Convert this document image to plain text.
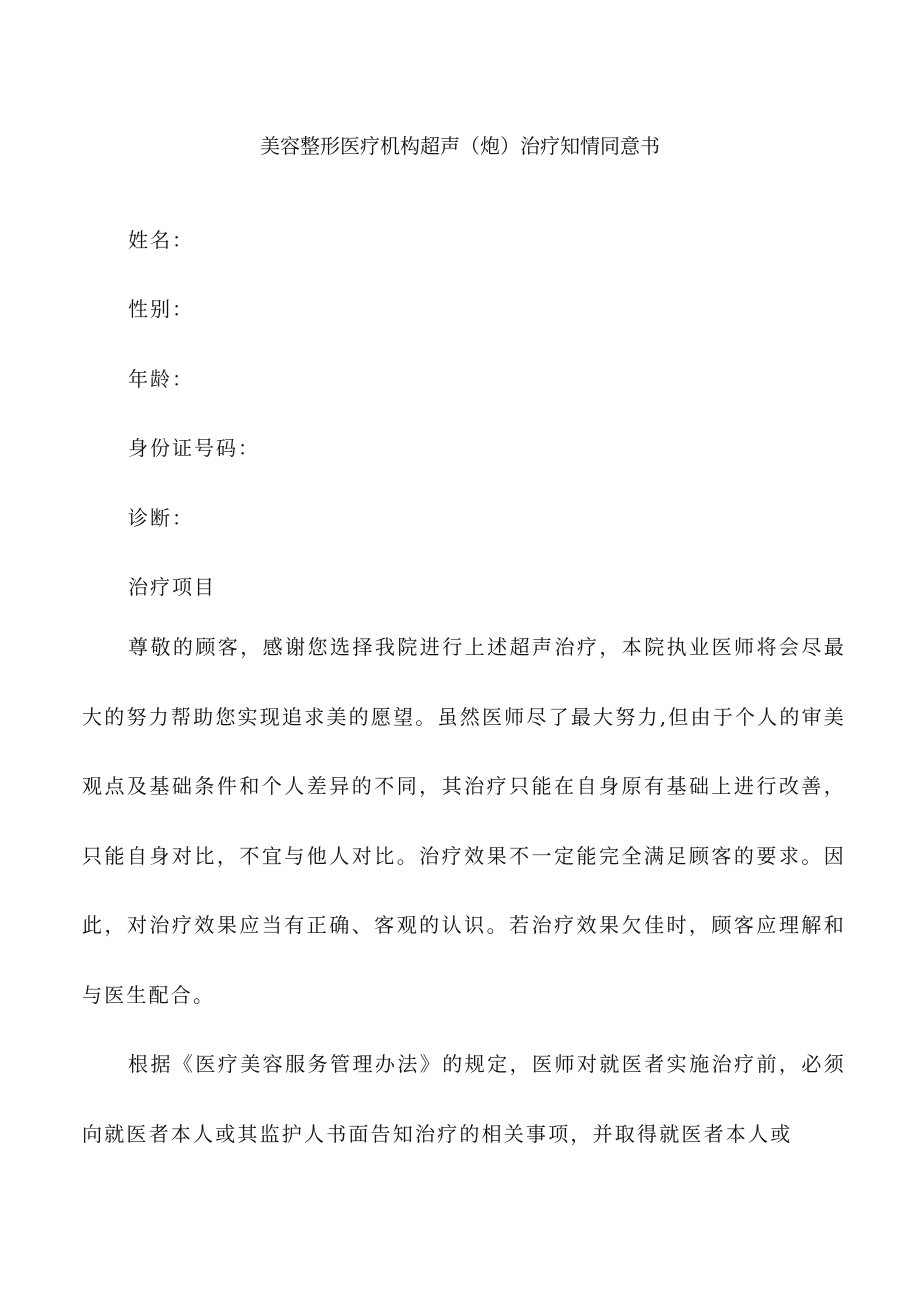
美容整形医疗机构超声（炮）治疗知情同意书
姓名：
性别：
年龄：
身份证号码：
诊断：
治疗项目

尊敬的顾客，感谢您选择我院进行上述超声治疗，本院执业医师将会尽最大的努力帮助您实现追求美的愿望。虽然医师尽了最大努力,但由于个人的审美观点及基础条件和个人差异的不同，其治疗只能在自身原有基础上进行改善，只能自身对比，不宜与他人对比。治疗效果不一定能完全满足顾客的要求。因此，对治疗效果应当有正确、客观的认识。若治疗效果欠佳时，顾客应理解和与医生配合。

根据《医疗美容服务管理办法》的规定，医师对就医者实施治疗前，必须向就医者本人或其监护人书面告知治疗的相关事项，并取得就医者本人或
